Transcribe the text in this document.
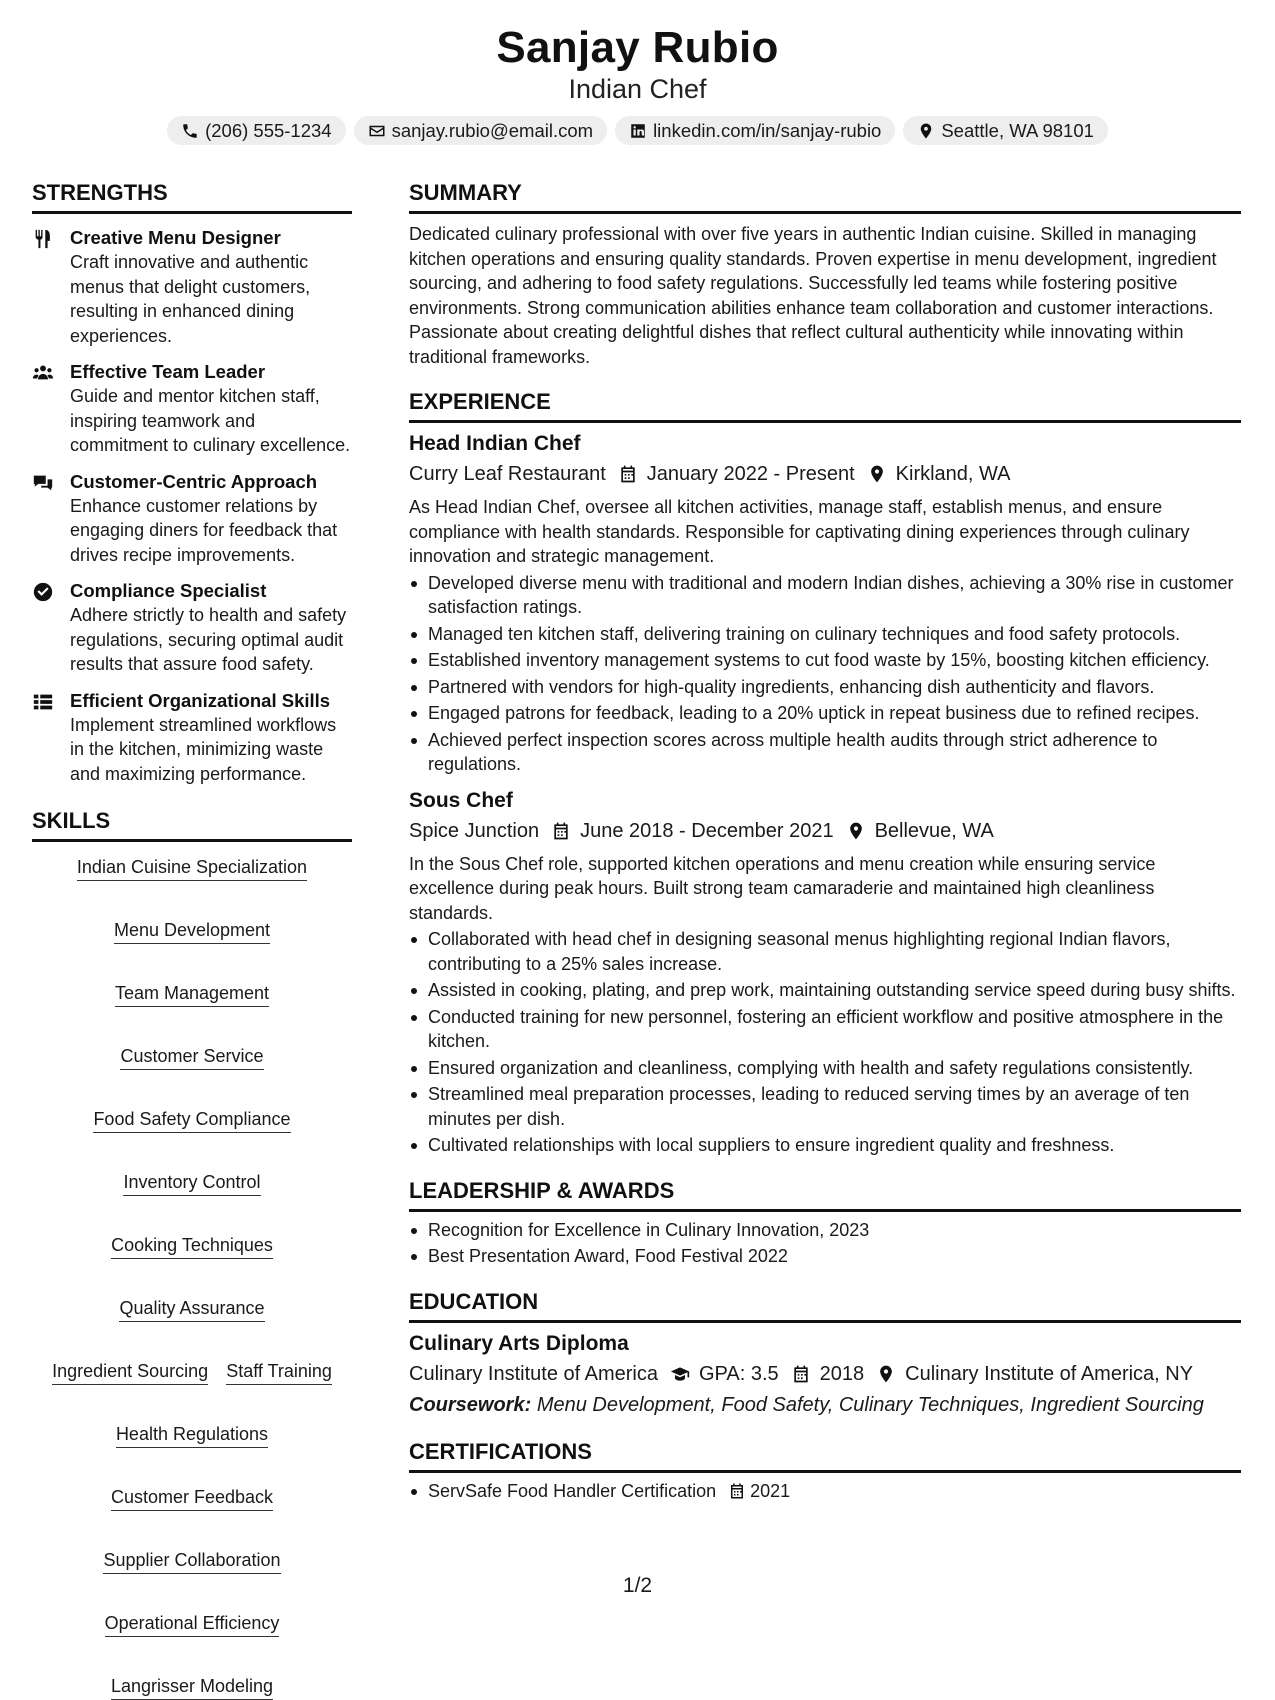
Sanjay Rubio
Indian Chef
(206) 555-1234	sanjay.rubio@email.com	linkedin.com/in/sanjay-rubio	Seattle, WA 98101
STRENGTHS
Creative Menu Designer
Craft innovative and authentic menus that delight customers, resulting in enhanced dining experiences.
Effective Team Leader
Guide and mentor kitchen staff, inspiring teamwork and commitment to culinary excellence.
Customer-Centric Approach
Enhance customer relations by engaging diners for feedback that drives recipe improvements.
Compliance Specialist
Adhere strictly to health and safety regulations, securing optimal audit results that assure food safety.
Efficient Organizational Skills
Implement streamlined workflows in the kitchen, minimizing waste and maximizing performance.
SKILLS
Indian Cuisine Specialization
Menu Development
Team Management
Customer Service
Food Safety Compliance
Inventory Control
Cooking Techniques
Quality Assurance
Ingredient Sourcing Staff Training
Health Regulations
Customer Feedback
Supplier Collaboration
Operational Efficiency
Langrisser Modeling
SUMMARY
Dedicated culinary professional with over five years in authentic Indian cuisine. Skilled in managing kitchen operations and ensuring quality standards. Proven expertise in menu development, ingredient sourcing, and adhering to food safety regulations. Successfully led teams while fostering positive environments. Strong communication abilities enhance team collaboration and customer interactions. Passionate about creating delightful dishes that reflect cultural authenticity while innovating within traditional frameworks.
EXPERIENCE
Head Indian Chef
Curry Leaf Restaurant January 2022 - Present Kirkland, WA
As Head Indian Chef, oversee all kitchen activities, manage staff, establish menus, and ensure compliance with health standards. Responsible for captivating dining experiences through culinary innovation and strategic management.
Developed diverse menu with traditional and modern Indian dishes, achieving a 30% rise in customer satisfaction ratings.
Managed ten kitchen staff, delivering training on culinary techniques and food safety protocols.
Established inventory management systems to cut food waste by 15%, boosting kitchen efficiency.
Partnered with vendors for high-quality ingredients, enhancing dish authenticity and flavors.
Engaged patrons for feedback, leading to a 20% uptick in repeat business due to refined recipes.
Achieved perfect inspection scores across multiple health audits through strict adherence to regulations.
Sous Chef
Spice Junction June 2018 - December 2021 Bellevue, WA
In the Sous Chef role, supported kitchen operations and menu creation while ensuring service excellence during peak hours. Built strong team camaraderie and maintained high cleanliness standards.
Collaborated with head chef in designing seasonal menus highlighting regional Indian flavors, contributing to a 25% sales increase.
Assisted in cooking, plating, and prep work, maintaining outstanding service speed during busy shifts.
Conducted training for new personnel, fostering an efficient workflow and positive atmosphere in the kitchen.
Ensured organization and cleanliness, complying with health and safety regulations consistently.
Streamlined meal preparation processes, leading to reduced serving times by an average of ten minutes per dish.
Cultivated relationships with local suppliers to ensure ingredient quality and freshness.
LEADERSHIP & AWARDS
Recognition for Excellence in Culinary Innovation, 2023
Best Presentation Award, Food Festival 2022
EDUCATION
Culinary Arts Diploma
Culinary Institute of America GPA: 3.5 2018 Culinary Institute of America, NY
Coursework: Menu Development, Food Safety, Culinary Techniques, Ingredient Sourcing
CERTIFICATIONS
ServSafe Food Handler Certification 2021
1/2
